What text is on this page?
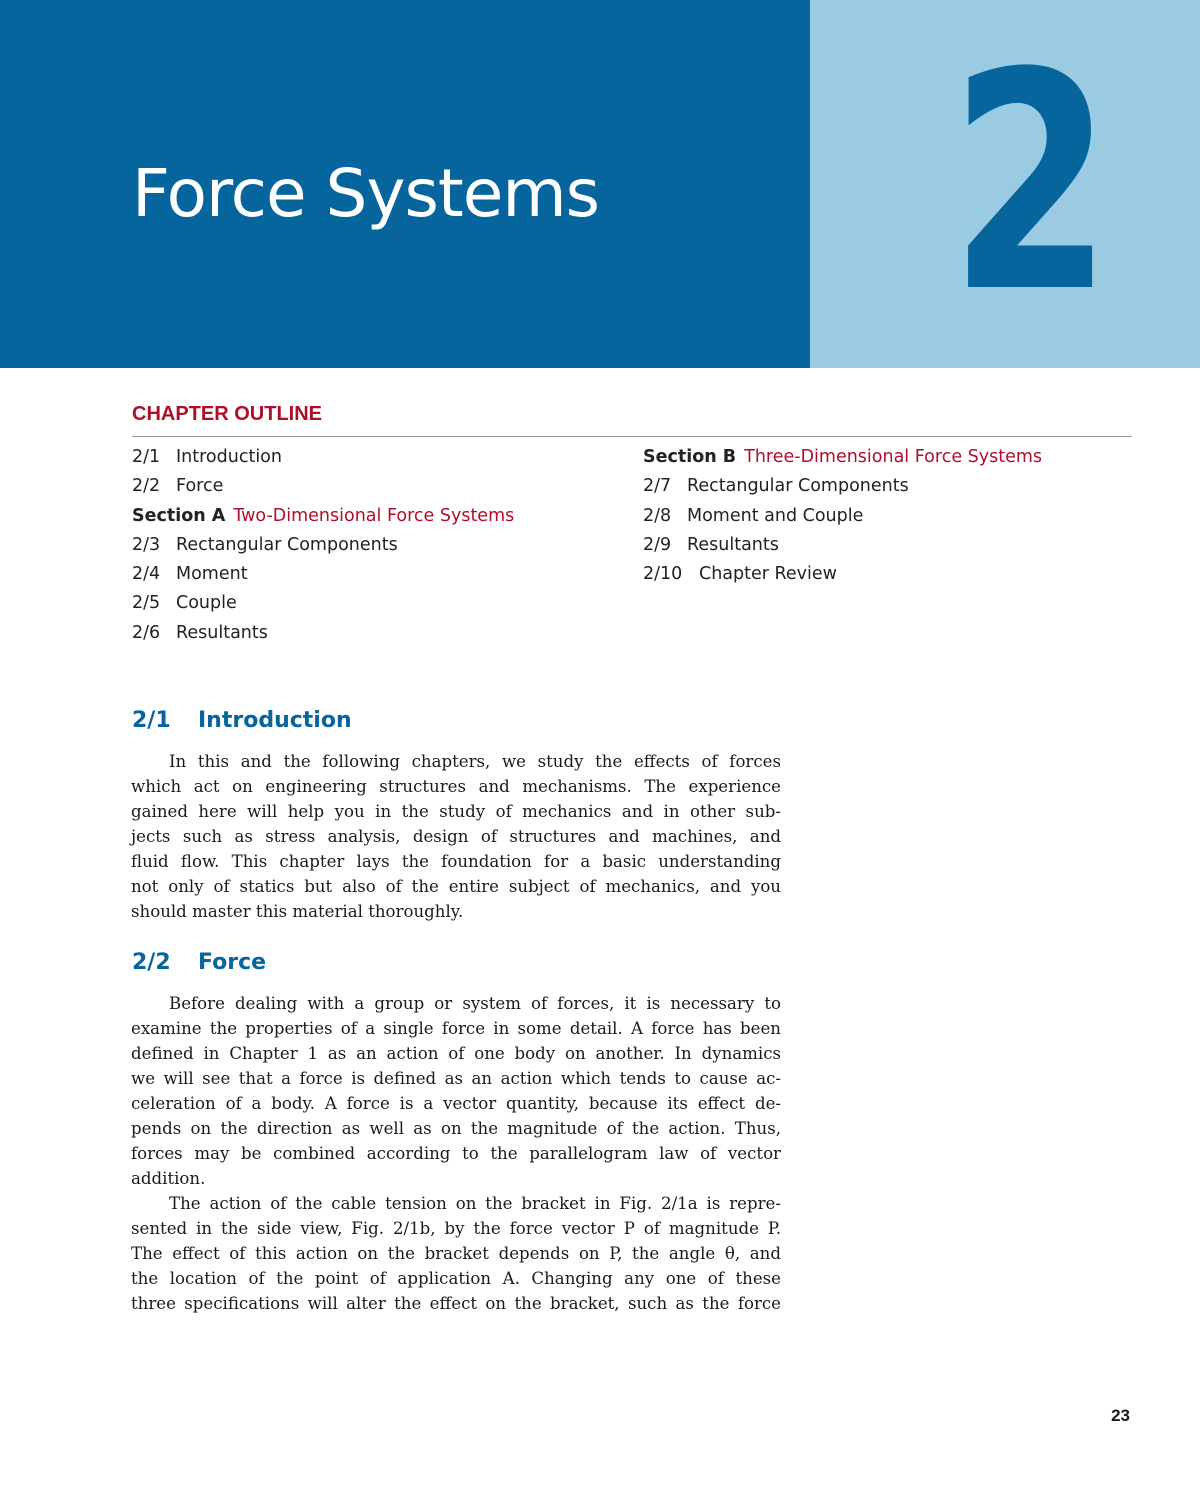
Force Systems 2
CHAPTER OUTLINE
2/1 Introduction
2/2 Force
Section A Two-Dimensional Force Systems
2/3 Rectangular Components
2/4 Moment
2/5 Couple
2/6 Resultants
Section B Three-Dimensional Force Systems
2/7 Rectangular Components
2/8 Moment and Couple
2/9 Resultants
2/10 Chapter Review
2/1 Introduction
In this and the following chapters, we study the effects of forces
which act on engineering structures and mechanisms. The experience
gained here will help you in the study of mechanics and in other sub-
jects such as stress analysis, design of structures and machines, and
fluid flow. This chapter lays the foundation for a basic understanding
not only of statics but also of the entire subject of mechanics, and you
should master this material thoroughly.
2/2 Force
Before dealing with a group or system of forces, it is necessary to
examine the properties of a single force in some detail. A force has been
defined in Chapter 1 as an action of one body on another. In dynamics
we will see that a force is defined as an action which tends to cause ac-
celeration of a body. A force is a vector quantity, because its effect de-
pends on the direction as well as on the magnitude of the action. Thus,
forces may be combined according to the parallelogram law of vector
addition.
The action of the cable tension on the bracket in Fig. 2/1a is repre-
sented in the side view, Fig. 2/1b, by the force vector P of magnitude P.
The effect of this action on the bracket depends on P, the angle θ, and
the location of the point of application A. Changing any one of these
three specifications will alter the effect on the bracket, such as the force
23
